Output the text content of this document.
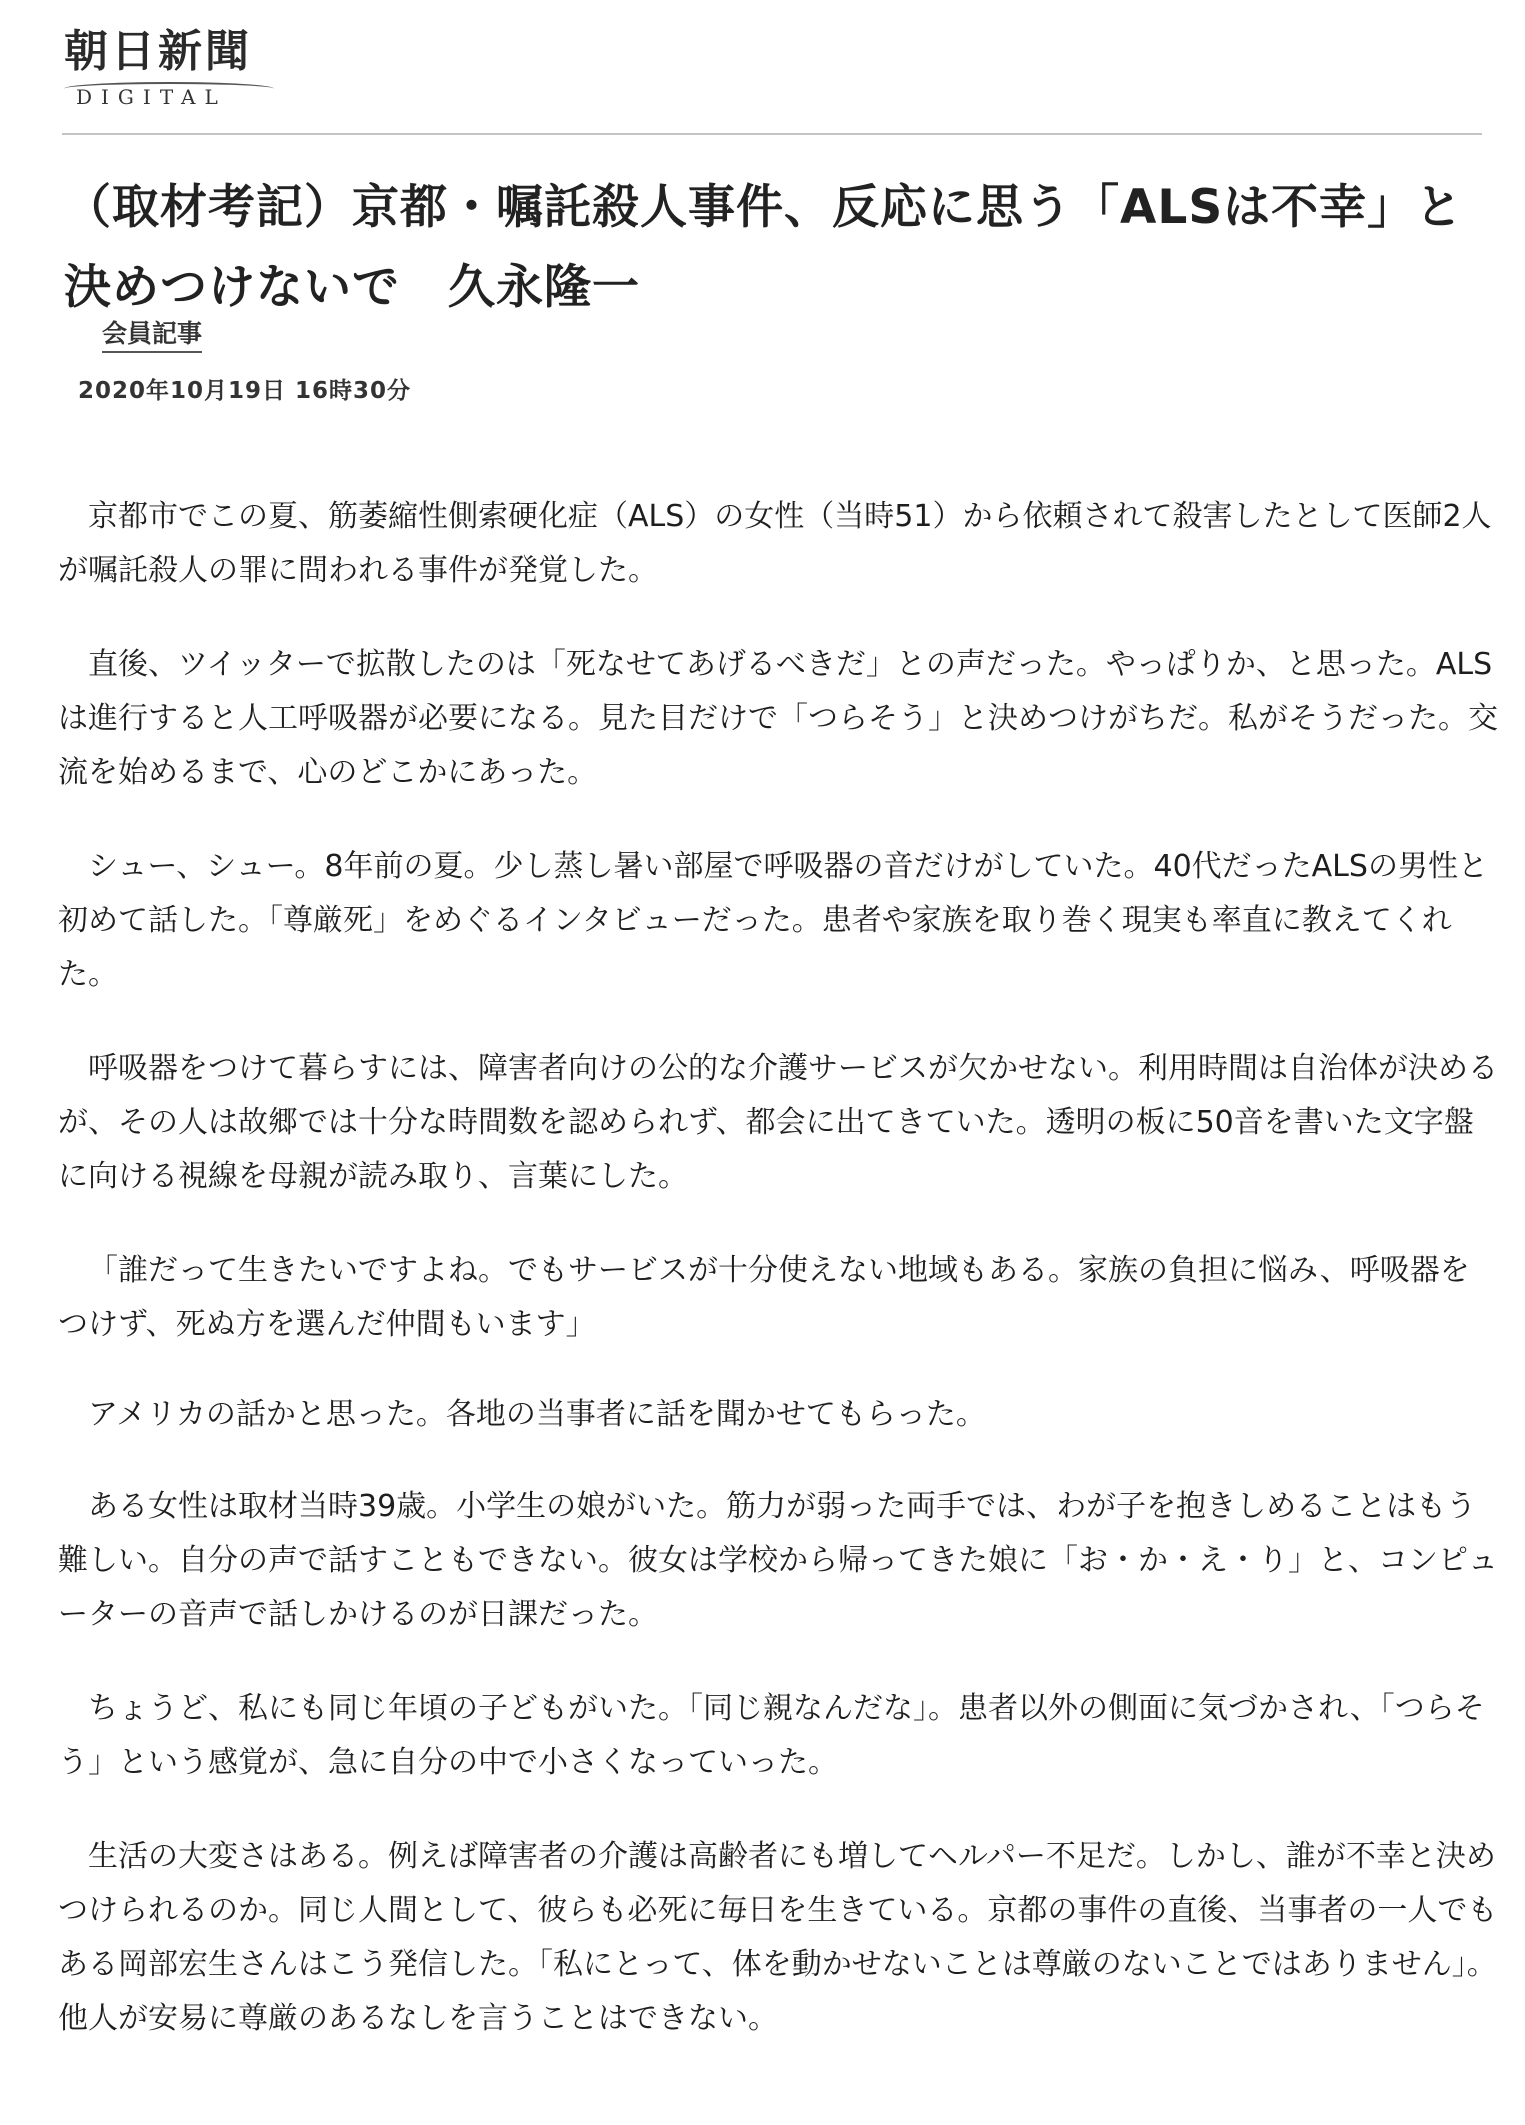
朝日新聞
DIGITAL
（取材考記）京都・嘱託殺人事件、反応に思う「ALSは不幸」と決めつけないで　久永隆一
会員記事
2020年10月19日 16時30分

京都市でこの夏、筋萎縮性側索硬化症（ALS）の女性（当時51）から依頼されて殺害したとして医師2人が嘱託殺人の罪に問われる事件が発覚した。

直後、ツイッターで拡散したのは「死なせてあげるべきだ」との声だった。やっぱりか、と思った。ALSは進行すると人工呼吸器が必要になる。見た目だけで「つらそう」と決めつけがちだ。私がそうだった。交流を始めるまで、心のどこかにあった。

シュー、シュー。8年前の夏。少し蒸し暑い部屋で呼吸器の音だけがしていた。40代だったALSの男性と初めて話した。「尊厳死」をめぐるインタビューだった。患者や家族を取り巻く現実も率直に教えてくれた。

呼吸器をつけて暮らすには、障害者向けの公的な介護サービスが欠かせない。利用時間は自治体が決めるが、その人は故郷では十分な時間数を認められず、都会に出てきていた。透明の板に50音を書いた文字盤に向ける視線を母親が読み取り、言葉にした。

「誰だって生きたいですよね。でもサービスが十分使えない地域もある。家族の負担に悩み、呼吸器をつけず、死ぬ方を選んだ仲間もいます」

アメリカの話かと思った。各地の当事者に話を聞かせてもらった。

ある女性は取材当時39歳。小学生の娘がいた。筋力が弱った両手では、わが子を抱きしめることはもう難しい。自分の声で話すこともできない。彼女は学校から帰ってきた娘に「お・か・え・り」と、コンピューターの音声で話しかけるのが日課だった。

ちょうど、私にも同じ年頃の子どもがいた。「同じ親なんだな」。患者以外の側面に気づかされ、「つらそう」という感覚が、急に自分の中で小さくなっていった。

生活の大変さはある。例えば障害者の介護は高齢者にも増してヘルパー不足だ。しかし、誰が不幸と決めつけられるのか。同じ人間として、彼らも必死に毎日を生きている。京都の事件の直後、当事者の一人でもある岡部宏生さんはこう発信した。「私にとって、体を動かせないことは尊厳のないことではありません」。他人が安易に尊厳のあるなしを言うことはできない。
